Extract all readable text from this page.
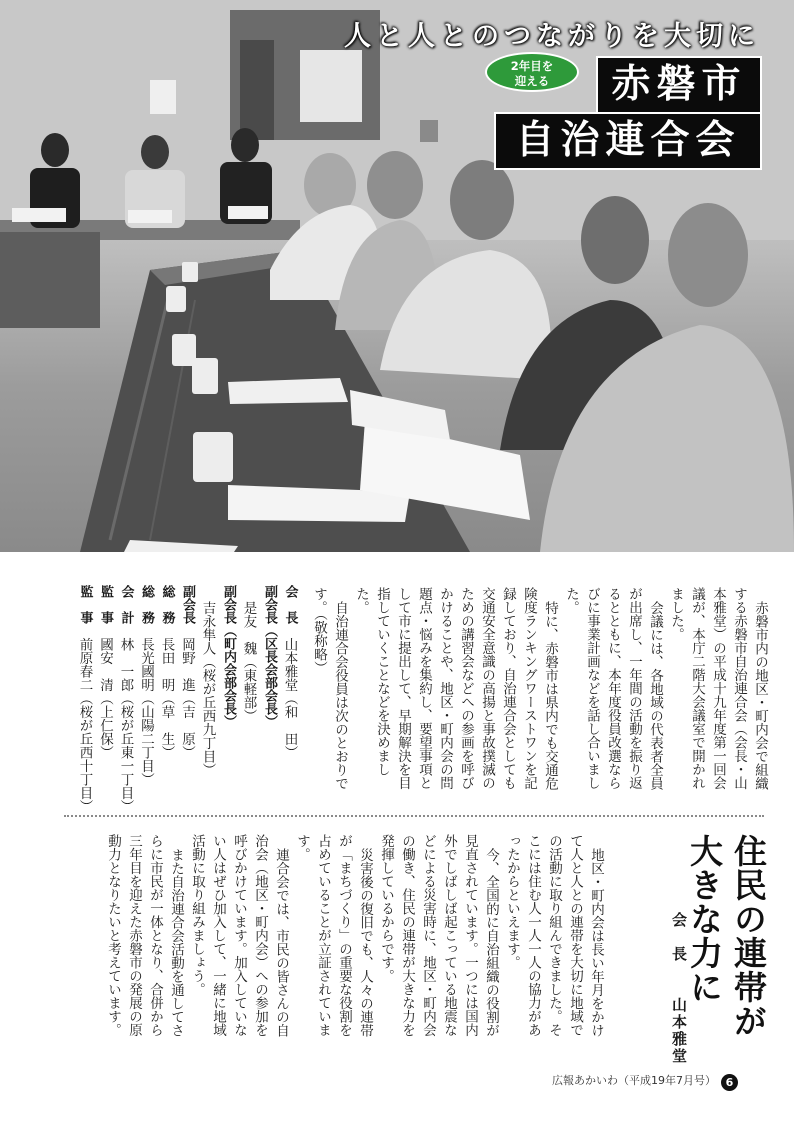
人と人とのつながりを大切に
2年目を
迎える	赤磐市
自治連合会

赤磐市内の地区・町内会で組織する赤磐市自治連合会（会長・山本雅堂）の平成十九年度第一回会議が、本庁二階大会議室で開かれました。

会議には、各地域の代表者全員が出席し、一年間の活動を振り返るとともに、本年度役員改選ならびに事業計画などを話し合いました。

特に、赤磐市は県内でも交通危険度ランキングワーストワンを記録しており、自治連合会としても交通安全意識の高揚と事故撲滅のための講習会などへの参画を呼びかけることや、地区・町内会の問題点・悩みを集約し、要望事項として市に提出して、早期解決を目指していくことなどを決めました。

自治連合会役員は次のとおりです。（敬称略）

会　長　山本雅堂（和　田）
副会長（区長会部会長）
是友　魏（東軽部）
副会長（町内会部会長）
吉永隼人（桜が丘西九丁目）
副会長　岡野　進（吉　原）
総　務　長田　明（草　生）
総　務　長光國明（山陽二丁目）
会　計　林　一郎（桜が丘東一丁目）
監　事　國安　清（上仁保）
監　事　前原春二（桜が丘西十丁目）
住民の連帯が
大きな力に
会　長　　山本雅堂

地区・町内会は長い年月をかけて人と人との連帯を大切に地域での活動に取り組んできました。そこには住む人一人一人の協力があったからといえます。

今、全国的に自治組織の役割が見直されています。一つには国内外でしばしば起こっている地震などによる災害時に、地区・町内会の働き、住民の連帯が大きな力を発揮しているからです。

災害後の復旧でも、人々の連帯が「まちづくり」の重要な役割を占めていることが立証されています。

連合会では、市民の皆さんの自治会（地区・町内会）への参加を呼びかけています。加入していない人はぜひ加入して、一緒に地域活動に取り組みましょう。

また自治連合会活動を通してさらに市民が一体となり、合併から三年目を迎えた赤磐市の発展の原動力となりたいと考えています。

広報あかいわ（平成19年7月号） 6
